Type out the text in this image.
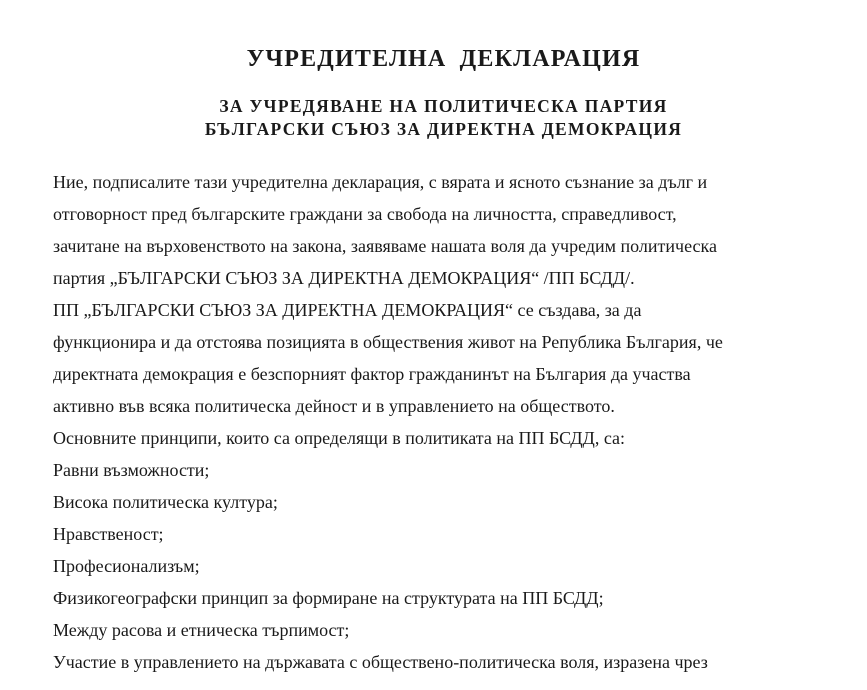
УЧРЕДИТЕЛНА ДЕКЛАРАЦИЯ
ЗА УЧРЕДЯВАНЕ НА ПОЛИТИЧЕСКА ПАРТИЯ
БЪЛГАРСКИ СЪЮЗ ЗА ДИРЕКТНА ДЕМОКРАЦИЯ
Ние, подписалите тази учредителна декларация, с вярата и ясното съзнание за дълг и
отговорност пред българските граждани за свобода на личността, справедливост,
зачитане на върховенството на закона, заявяваме нашата воля да учредим политическа
партия „БЪЛГАРСКИ СЪЮЗ ЗА ДИРЕКТНА ДЕМОКРАЦИЯ“ /ПП БСДД/.
ПП „БЪЛГАРСКИ СЪЮЗ ЗА ДИРЕКТНА ДЕМОКРАЦИЯ“ се създава, за да
функционира и да отстоява позицията в обществения живот на Република България, че
директната демокрация е безспорният фактор гражданинът на България да участва
активно във всяка политическа дейност и в управлението на обществото.
Основните принципи, които са определящи в политиката на ПП БСДД, са:
Равни възможности;
Висока политическа култура;
Нравственост;
Професионализъм;
Физикогеографски принцип за формиране на структурата на ПП БСДД;
Между расова и етническа търпимост;
Участие в управлението на държавата с обществено-политическа воля, изразена чрез
